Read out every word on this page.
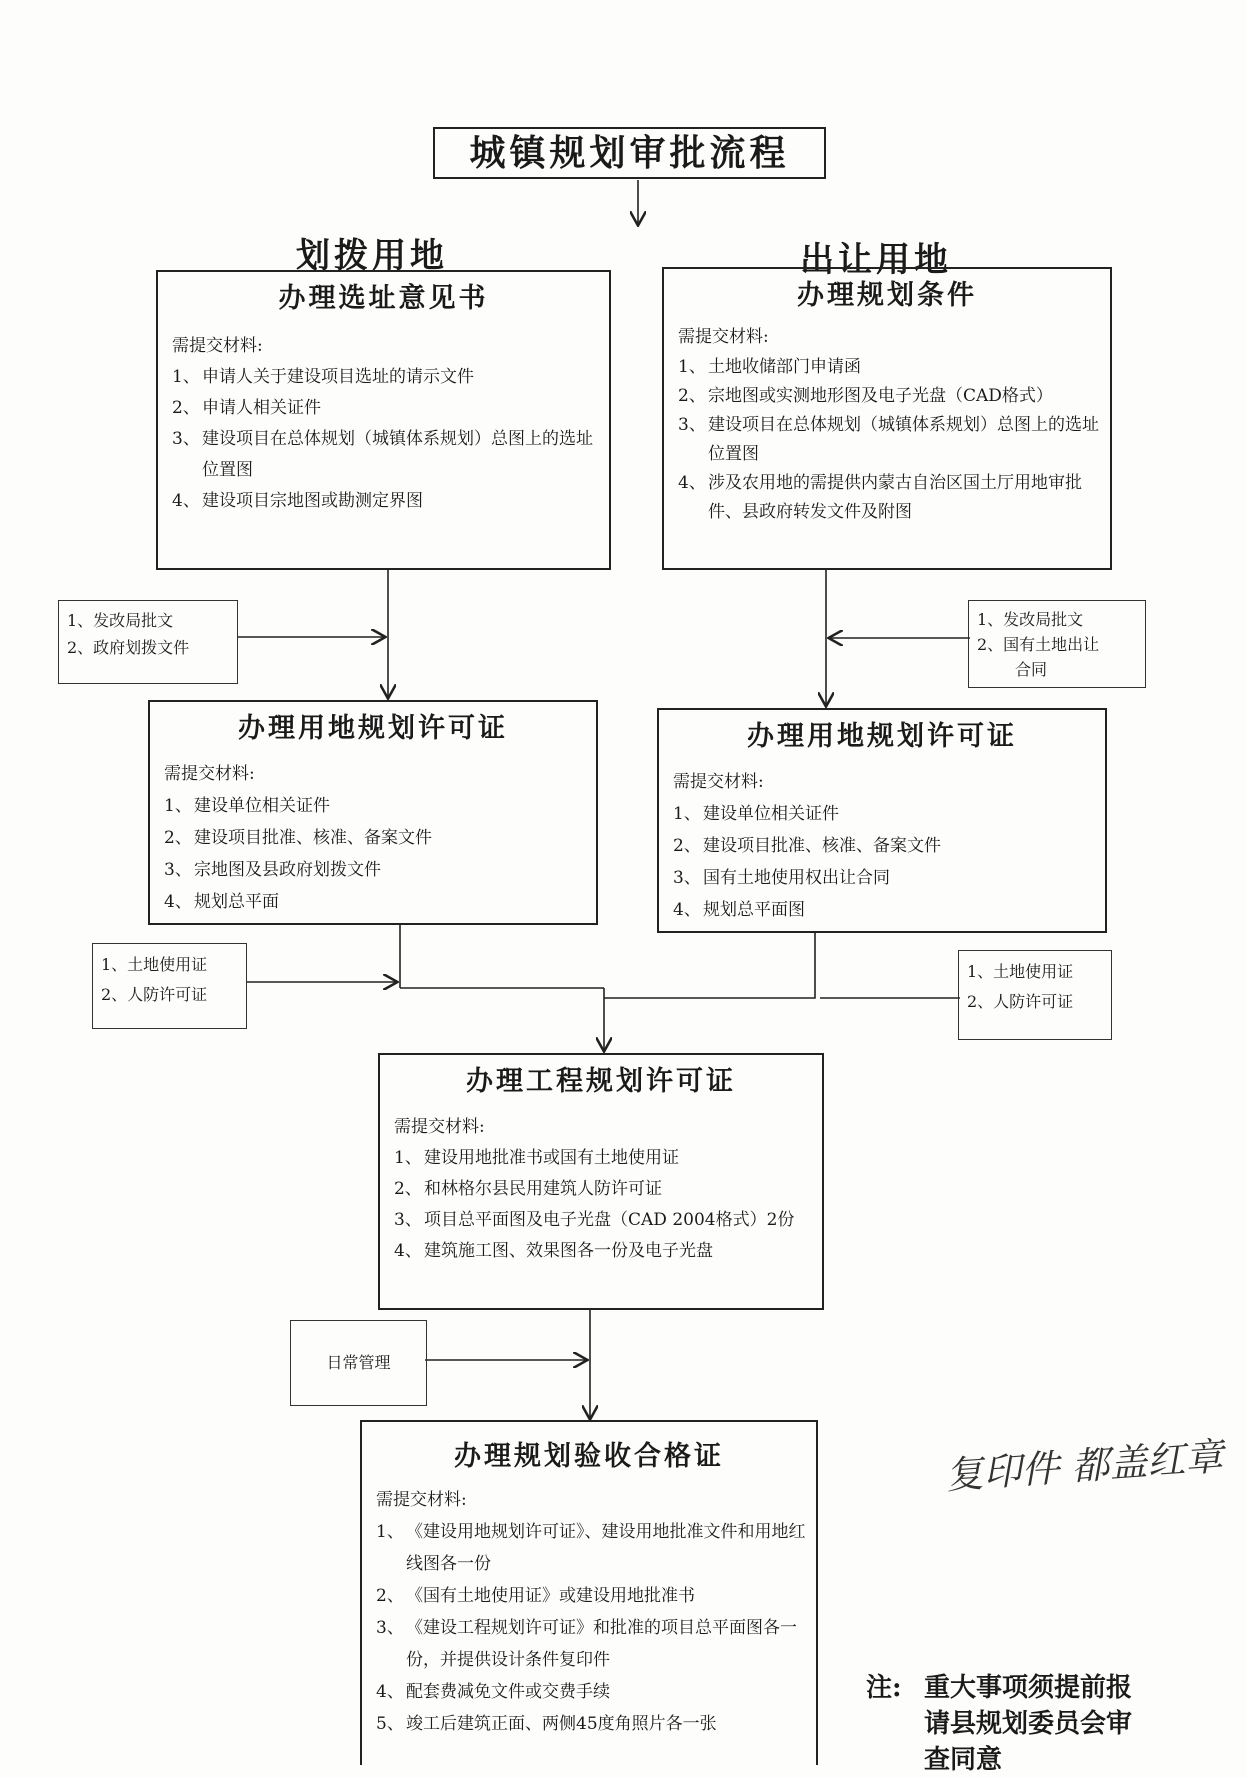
城镇规划审批流程
划拨用地	出让用地
办理选址意见书
需提交材料:
1、 申请人关于建设项目选址的请示文件
2、 申请人相关证件
3、 建设项目在总体规划（城镇体系规划）总图上的选址位置图
4、 建设项目宗地图或勘测定界图
办理规划条件
需提交材料:
1、 土地收储部门申请函
2、 宗地图或实测地形图及电子光盘（CAD格式）
3、 建设项目在总体规划（城镇体系规划）总图上的选址位置图
4、 涉及农用地的需提供内蒙古自治区国土厅用地审批件、县政府转发文件及附图
1、发改局批文
2、政府划拨文件
1、发改局批文
2、国有土地出让
合同
办理用地规划许可证
需提交材料:
1、 建设单位相关证件
2、 建设项目批准、核准、备案文件
3、 宗地图及县政府划拨文件
4、 规划总平面
办理用地规划许可证
需提交材料:
1、 建设单位相关证件
2、 建设项目批准、核准、备案文件
3、 国有土地使用权出让合同
4、 规划总平面图
1、土地使用证
2、人防许可证
1、土地使用证
2、人防许可证
办理工程规划许可证
需提交材料:
1、 建设用地批准书或国有土地使用证
2、 和林格尔县民用建筑人防许可证
3、 项目总平面图及电子光盘（CAD 2004格式）2份
4、 建筑施工图、效果图各一份及电子光盘
日常管理
办理规划验收合格证
需提交材料:
1、 《建设用地规划许可证》、建设用地批准文件和用地红线图各一份
2、 《国有土地使用证》或建设用地批准书
3、 《建设工程规划许可证》和批准的项目总平面图各一份，并提供设计条件复印件
4、 配套费减免文件或交费手续
5、 竣工后建筑正面、两侧45度角照片各一张
复印件 都盖红章
注: 重大事项须提前报请县规划委员会审查同意
